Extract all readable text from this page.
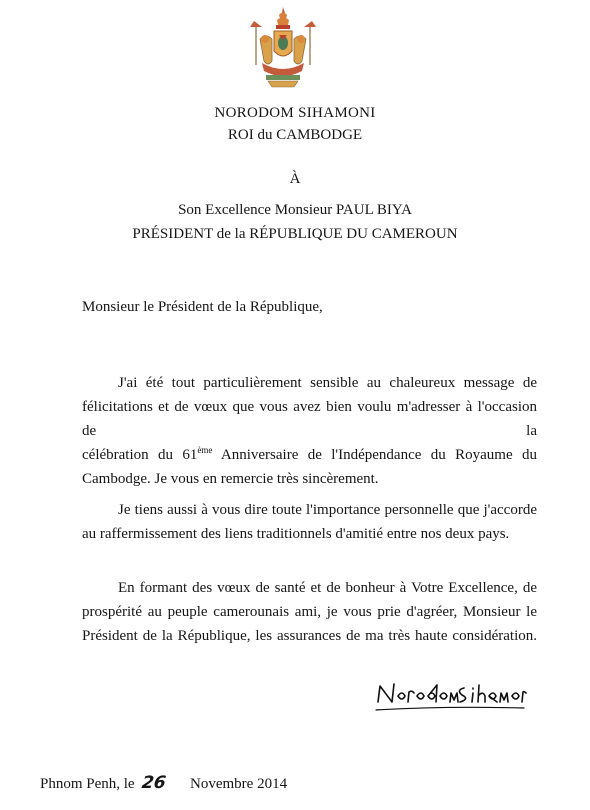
NORODOM SIHAMONI
ROI du CAMBODGE
À
Son Excellence Monsieur PAUL BIYA
PRÉSIDENT de la RÉPUBLIQUE DU CAMEROUN
Monsieur le Président de la République,
J'ai été tout particulièrement sensible au chaleureux message de
félicitations et de vœux que vous avez bien voulu m'adresser à l'occasion de la
célébration du 61ème Anniversaire de l'Indépendance du Royaume du
Cambodge. Je vous en remercie très sincèrement.
Je tiens aussi à vous dire toute l'importance personnelle que j'accorde
au raffermissement des liens traditionnels d'amitié entre nos deux pays.
En formant des vœux de santé et de bonheur à Votre Excellence, de
prospérité au peuple camerounais ami, je vous prie d'agréer, Monsieur le
Président de la République, les assurances de ma très haute considération.
Phnom Penh, le 26 Novembre 2014
